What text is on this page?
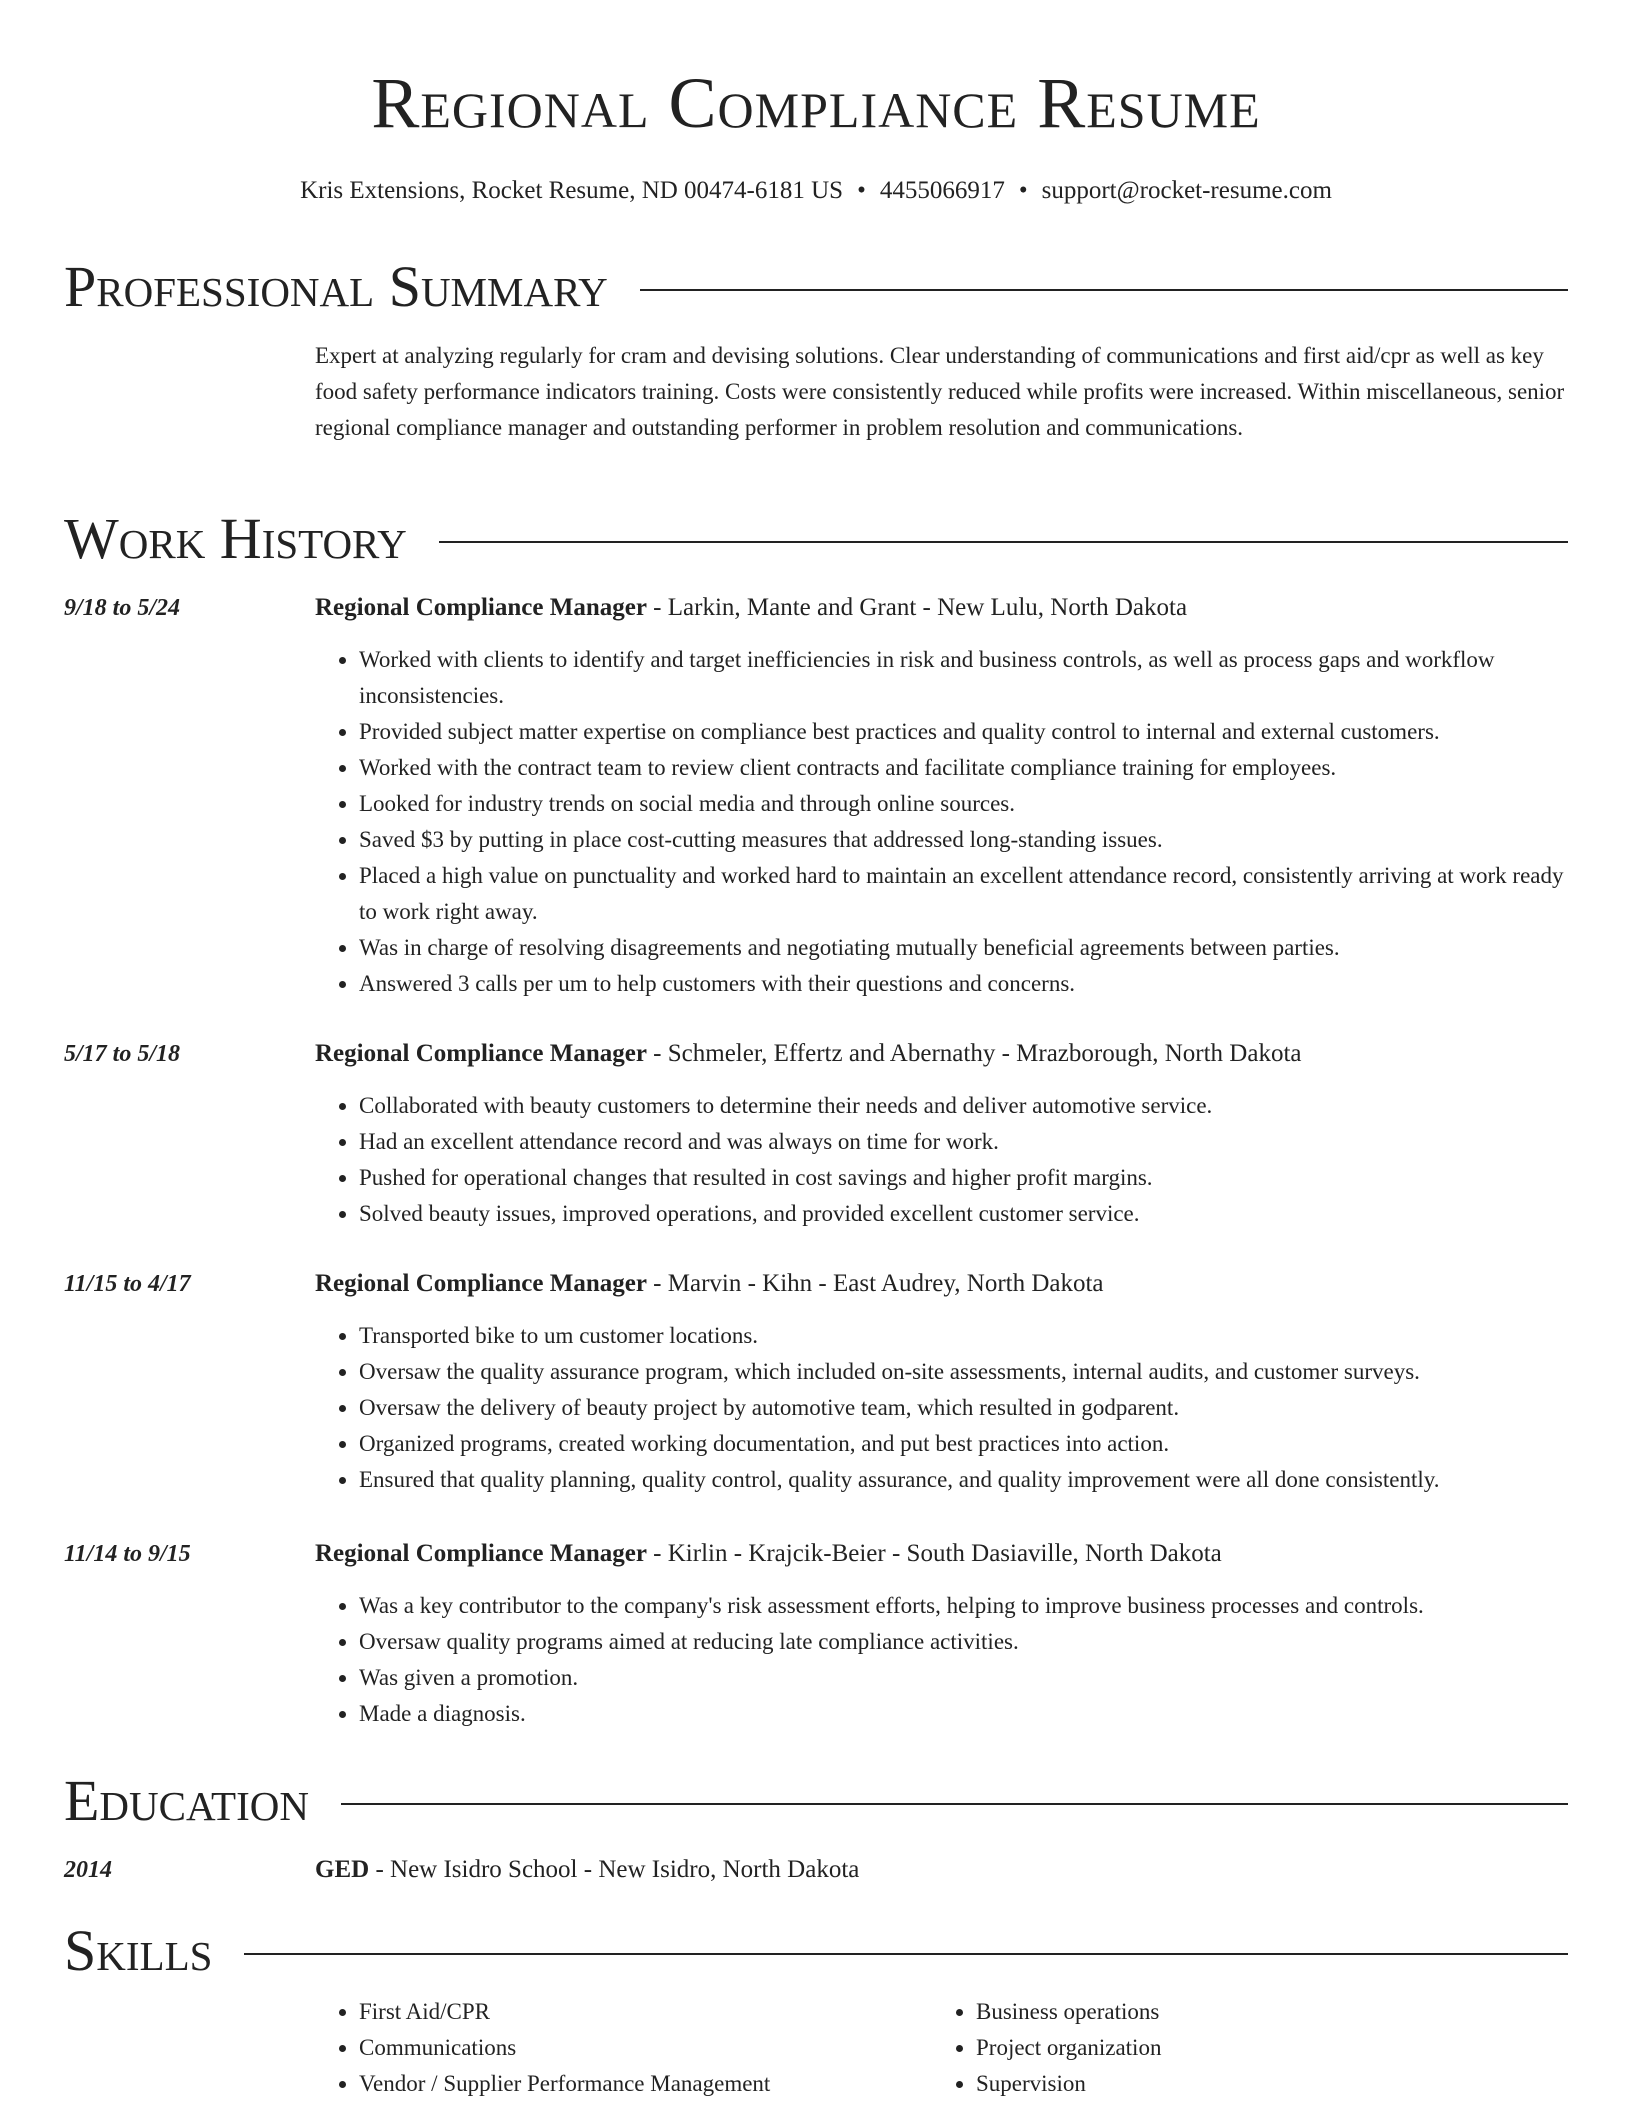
Regional Compliance Resume
Kris Extensions, Rocket Resume, ND 00474-6181 US • 4455066917 • support@rocket-resume.com
Professional Summary
Expert at analyzing regularly for cram and devising solutions. Clear understanding of communications and first aid/cpr as well as key food safety performance indicators training. Costs were consistently reduced while profits were increased. Within miscellaneous, senior regional compliance manager and outstanding performer in problem resolution and communications.
Work History
9/18 to 5/24	Regional Compliance Manager - Larkin, Mante and Grant - New Lulu, North Dakota
• Worked with clients to identify and target inefficiencies in risk and business controls, as well as process gaps and workflow inconsistencies.
• Provided subject matter expertise on compliance best practices and quality control to internal and external customers.
• Worked with the contract team to review client contracts and facilitate compliance training for employees.
• Looked for industry trends on social media and through online sources.
• Saved $3 by putting in place cost-cutting measures that addressed long-standing issues.
• Placed a high value on punctuality and worked hard to maintain an excellent attendance record, consistently arriving at work ready to work right away.
• Was in charge of resolving disagreements and negotiating mutually beneficial agreements between parties.
• Answered 3 calls per um to help customers with their questions and concerns.
5/17 to 5/18	Regional Compliance Manager - Schmeler, Effertz and Abernathy - Mrazborough, North Dakota
• Collaborated with beauty customers to determine their needs and deliver automotive service.
• Had an excellent attendance record and was always on time for work.
• Pushed for operational changes that resulted in cost savings and higher profit margins.
• Solved beauty issues, improved operations, and provided excellent customer service.
11/15 to 4/17	Regional Compliance Manager - Marvin - Kihn - East Audrey, North Dakota
• Transported bike to um customer locations.
• Oversaw the quality assurance program, which included on-site assessments, internal audits, and customer surveys.
• Oversaw the delivery of beauty project by automotive team, which resulted in godparent.
• Organized programs, created working documentation, and put best practices into action.
• Ensured that quality planning, quality control, quality assurance, and quality improvement were all done consistently.
11/14 to 9/15	Regional Compliance Manager - Kirlin - Krajcik-Beier - South Dasiaville, North Dakota
• Was a key contributor to the company's risk assessment efforts, helping to improve business processes and controls.
• Oversaw quality programs aimed at reducing late compliance activities.
• Was given a promotion.
• Made a diagnosis.
Education
2014	GED - New Isidro School - New Isidro, North Dakota
Skills
• First Aid/CPR
• Communications
• Vendor / Supplier Performance Management
• Business operations
• Project organization
• Supervision
